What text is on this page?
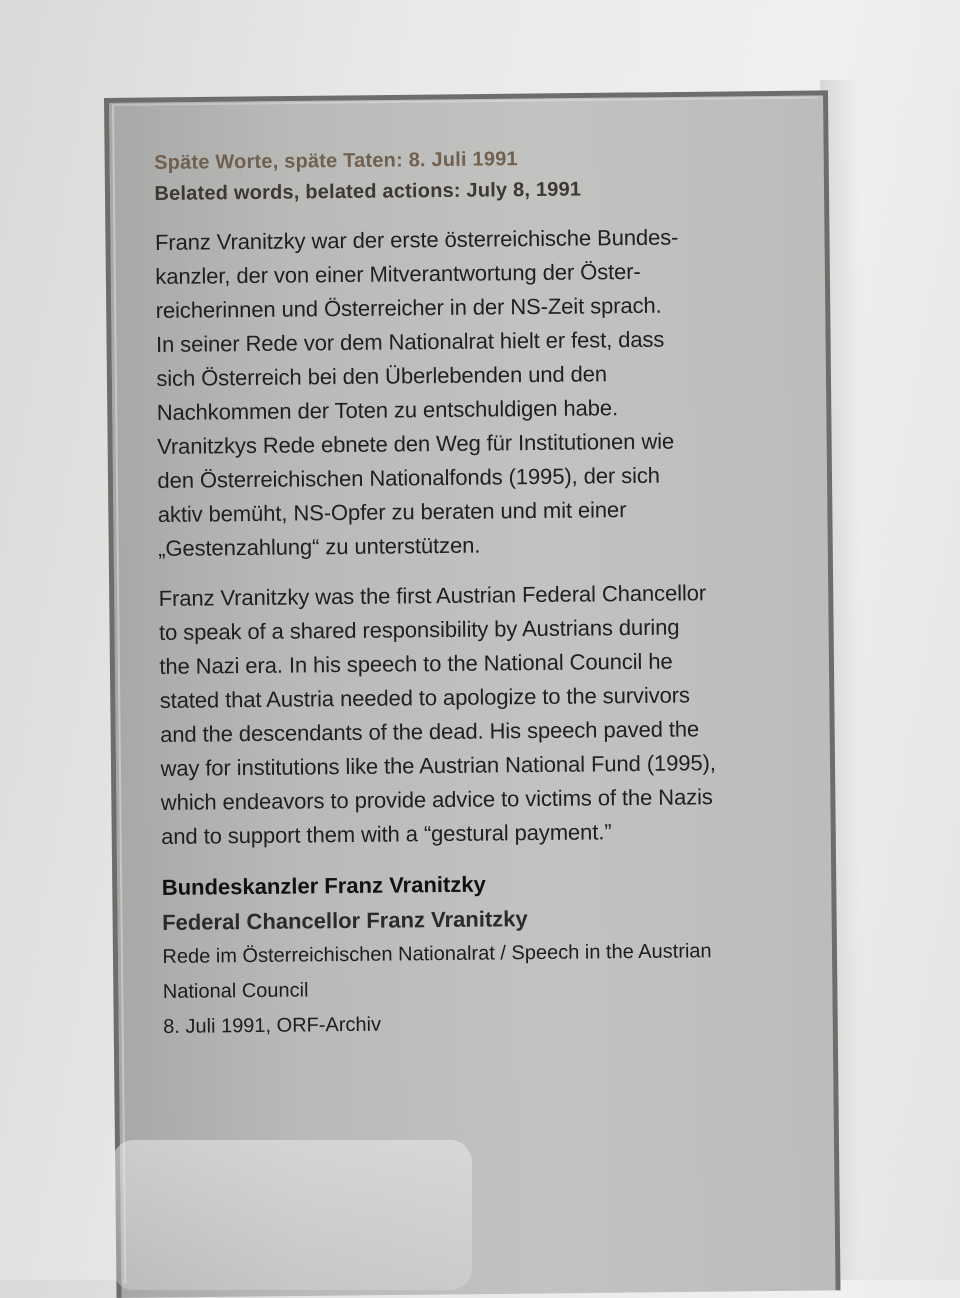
Späte Worte, späte Taten: 8. Juli 1991

Belated words, belated actions: July 8, 1991

Franz Vranitzky war der erste österreichische Bundes-
kanzler, der von einer Mitverantwortung der Öster-
reicherinnen und Österreicher in der NS-Zeit sprach.
In seiner Rede vor dem Nationalrat hielt er fest, dass
sich Österreich bei den Überlebenden und den
Nachkommen der Toten zu entschuldigen habe.
Vranitzkys Rede ebnete den Weg für Institutionen wie
den Österreichischen Nationalfonds (1995), der sich
aktiv bemüht, NS-Opfer zu beraten und mit einer
„Gestenzahlung“ zu unterstützen.

Franz Vranitzky was the first Austrian Federal Chancellor
to speak of a shared responsibility by Austrians during
the Nazi era. In his speech to the National Council he
stated that Austria needed to apologize to the survivors
and the descendants of the dead. His speech paved the
way for institutions like the Austrian National Fund (1995),
which endeavors to provide advice to victims of the Nazis
and to support them with a “gestural payment.”

Bundeskanzler Franz Vranitzky

Federal Chancellor Franz Vranitzky

Rede im Österreichischen Nationalrat / Speech in the Austrian
National Council

8. Juli 1991, ORF-Archiv
